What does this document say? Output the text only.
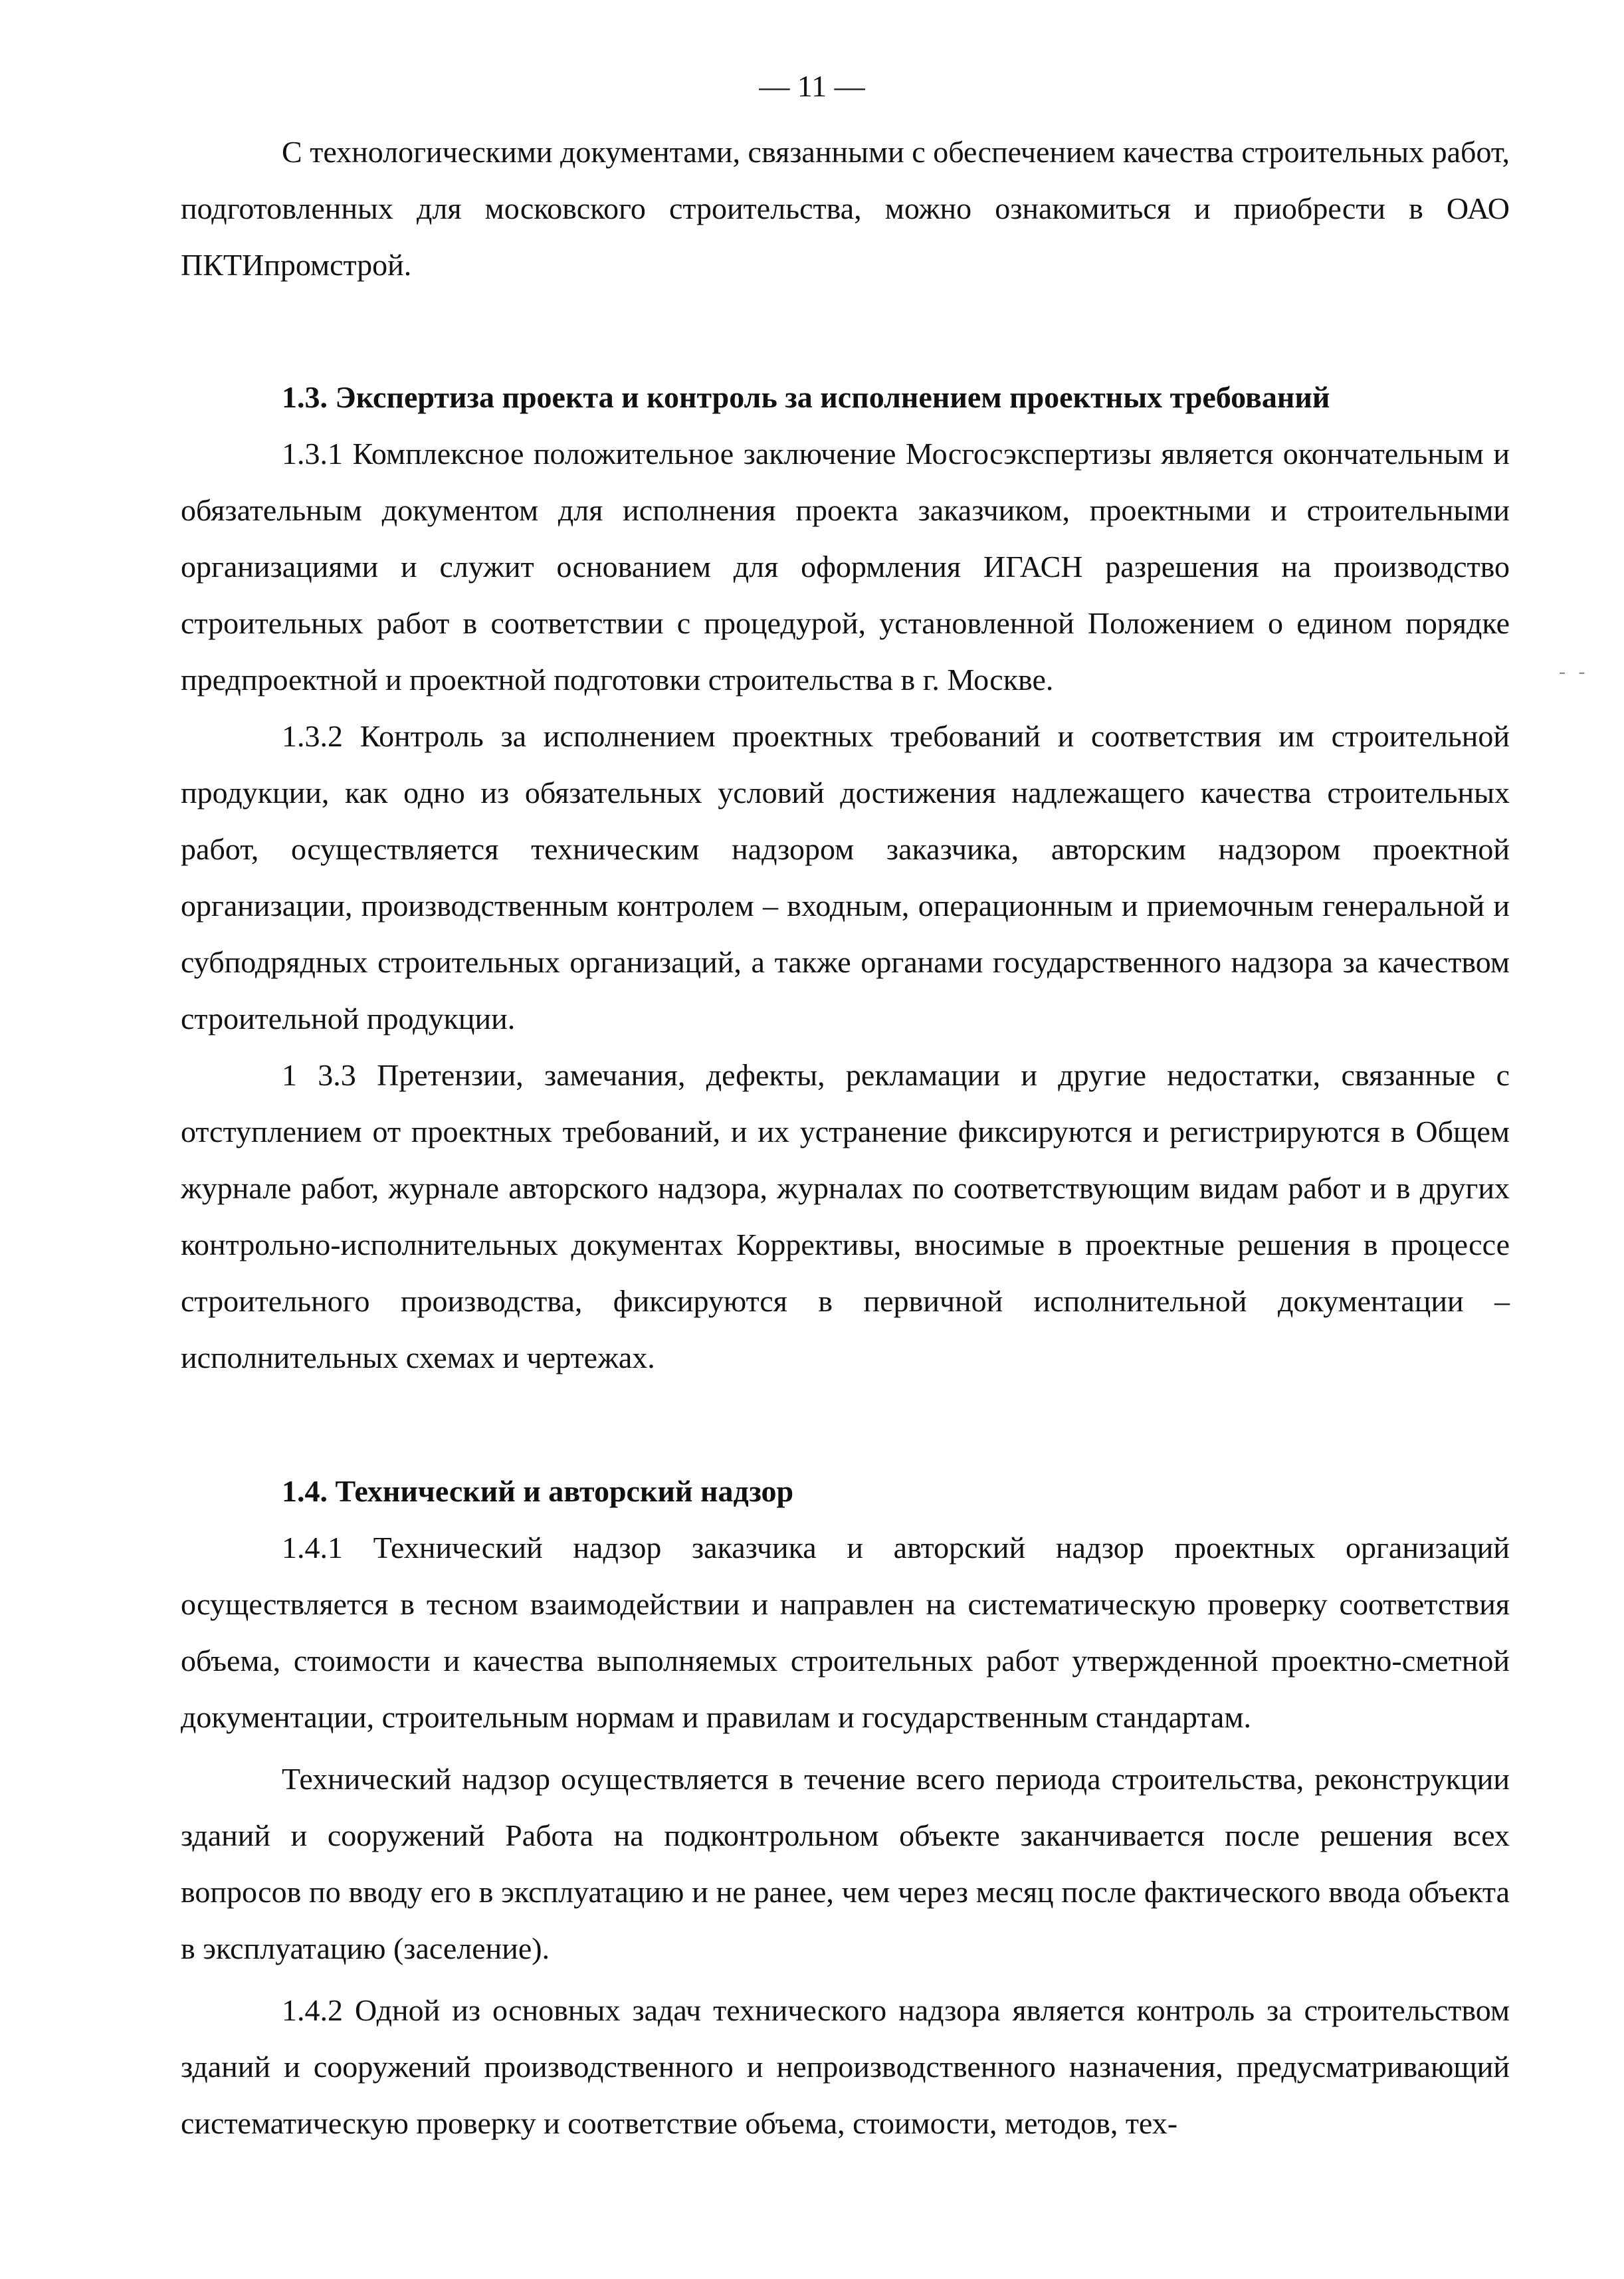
— 11 —
‐ ‐

С технологическими документами, связанными с обеспечением качества строительных работ, подготовленных для московского строительства, можно ознакомиться и приобрести в ОАО ПКТИпромстрой.

1.3. Экспертиза проекта и контроль за исполнением проектных требований

1.3.1 Комплексное положительное заключение Мосгосэкспертизы является окончательным и обязательным документом для исполнения проекта заказчиком, проектными и строительными организациями и служит основанием для оформления ИГАСН разрешения на производство строительных работ в соответствии с процедурой, установленной Положением о едином порядке предпроектной и проектной подготовки строительства в г. Москве.

1.3.2 Контроль за исполнением проектных требований и соответствия им строительной продукции, как одно из обязательных условий достижения надлежащего качества строительных работ, осуществляется техническим надзором заказчика, авторским надзором проектной организации, производственным контролем – входным, операционным и приемочным генеральной и субподрядных строительных организаций, а также органами государственного надзора за качеством строительной продукции.

1 3.3 Претензии, замечания, дефекты, рекламации и другие недостатки, связанные с отступлением от проектных требований, и их устранение фиксируются и регистрируются в Общем журнале работ, журнале авторского надзора, журналах по соответствующим видам работ и в других контрольно-исполнительных документах Коррективы, вносимые в проектные решения в процессе строительного производства, фиксируются в первичной исполнительной документации – исполнительных схемах и чертежах.

1.4. Технический и авторский надзор

1.4.1 Технический надзор заказчика и авторский надзор проектных организаций осуществляется в тесном взаимодействии и направлен на систематическую проверку соответствия объема, стоимости и качества выполняемых строительных работ утвержденной проектно-сметной документации, строительным нормам и правилам и государственным стандартам.

Технический надзор осуществляется в течение всего периода строительства, реконструкции зданий и сооружений Работа на подконтрольном объекте заканчивается после решения всех вопросов по вводу его в эксплуатацию и не ранее, чем через месяц после фактического ввода объекта в эксплуатацию (заселение).

1.4.2 Одной из основных задач технического надзора является контроль за строительством зданий и сооружений производственного и непроизводственного назначения, предусматривающий систематическую проверку и соответствие объема, стоимости, методов, тех-
